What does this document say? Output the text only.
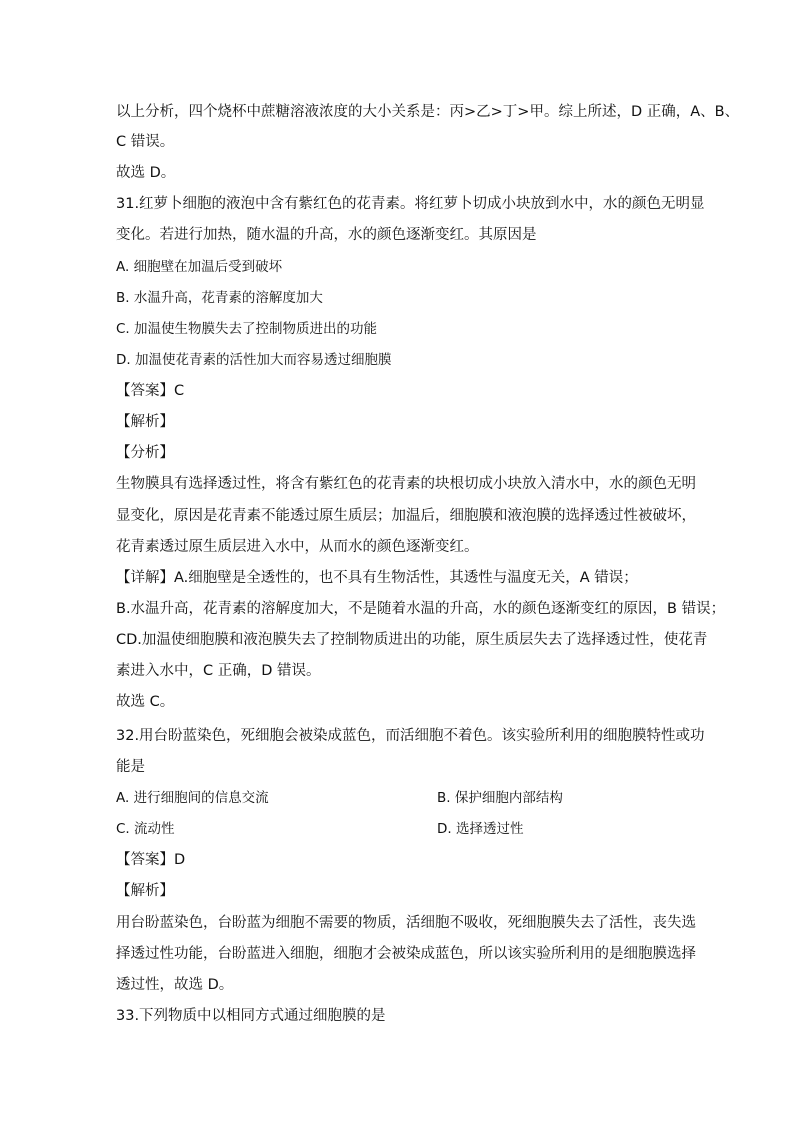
以上分析，四个烧杯中蔗糖溶液浓度的大小关系是：丙>乙>丁>甲。综上所述，D 正确，A、B、
C 错误。
故选 D。
31.红萝卜细胞的液泡中含有紫红色的花青素。将红萝卜切成小块放到水中，水的颜色无明显
变化。若进行加热，随水温的升高，水的颜色逐渐变红。其原因是
A. 细胞壁在加温后受到破坏
B. 水温升高，花青素的溶解度加大
C. 加温使生物膜失去了控制物质进出的功能
D. 加温使花青素的活性加大而容易透过细胞膜
【答案】C
【解析】
【分析】
生物膜具有选择透过性，将含有紫红色的花青素的块根切成小块放入清水中，水的颜色无明
显变化，原因是花青素不能透过原生质层；加温后，细胞膜和液泡膜的选择透过性被破坏，
花青素透过原生质层进入水中，从而水的颜色逐渐变红。
【详解】A.细胞壁是全透性的，也不具有生物活性，其透性与温度无关，A 错误；
B.水温升高，花青素的溶解度加大，不是随着水温的升高，水的颜色逐渐变红的原因，B 错误；
CD.加温使细胞膜和液泡膜失去了控制物质进出的功能，原生质层失去了选择透过性，使花青
素进入水中，C 正确，D 错误。
故选 C。
32.用台盼蓝染色，死细胞会被染成蓝色，而活细胞不着色。该实验所利用的细胞膜特性或功
能是
A. 进行细胞间的信息交流	B. 保护细胞内部结构
C. 流动性	D. 选择透过性
【答案】D
【解析】
用台盼蓝染色，台盼蓝为细胞不需要的物质，活细胞不吸收，死细胞膜失去了活性，丧失选
择透过性功能，台盼蓝进入细胞，细胞才会被染成蓝色，所以该实验所利用的是细胞膜选择
透过性，故选 D。
33.下列物质中以相同方式通过细胞膜的是
